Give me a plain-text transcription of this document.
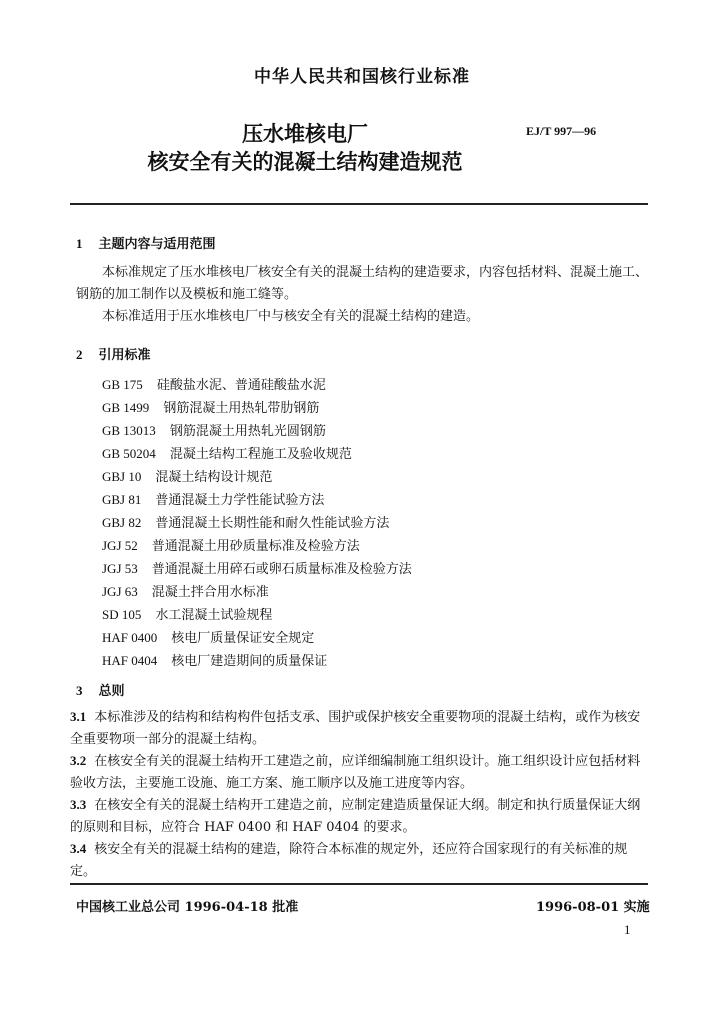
中华人民共和国核行业标准
压水堆核电厂
核安全有关的混凝土结构建造规范
EJ/T 997—96
1 主题内容与适用范围
本标准规定了压水堆核电厂核安全有关的混凝土结构的建造要求，内容包括材料、混凝土施工、钢筋的加工制作以及模板和施工缝等。
本标准适用于压水堆核电厂中与核安全有关的混凝土结构的建造。
2 引用标准
GB 175 硅酸盐水泥、普通硅酸盐水泥
GB 1499 钢筋混凝土用热轧带肋钢筋
GB 13013 钢筋混凝土用热轧光圆钢筋
GB 50204 混凝土结构工程施工及验收规范
GBJ 10 混凝土结构设计规范
GBJ 81 普通混凝土力学性能试验方法
GBJ 82 普通混凝土长期性能和耐久性能试验方法
JGJ 52 普通混凝土用砂质量标准及检验方法
JGJ 53 普通混凝土用碎石或卵石质量标准及检验方法
JGJ 63 混凝土拌合用水标准
SD 105 水工混凝土试验规程
HAF 0400 核电厂质量保证安全规定
HAF 0404 核电厂建造期间的质量保证
3 总则
3.1 本标准涉及的结构和结构构件包括支承、围护或保护核安全重要物项的混凝土结构，或作为核安全重要物项一部分的混凝土结构。
3.2 在核安全有关的混凝土结构开工建造之前，应详细编制施工组织设计。施工组织设计应包括材料验收方法，主要施工设施、施工方案、施工顺序以及施工进度等内容。
3.3 在核安全有关的混凝土结构开工建造之前，应制定建造质量保证大纲。制定和执行质量保证大纲的原则和目标，应符合 HAF 0400 和 HAF 0404 的要求。
3.4 核安全有关的混凝土结构的建造，除符合本标准的规定外，还应符合国家现行的有关标准的规定。
中国核工业总公司 1996-04-18 批准	1996-08-01 实施
1
